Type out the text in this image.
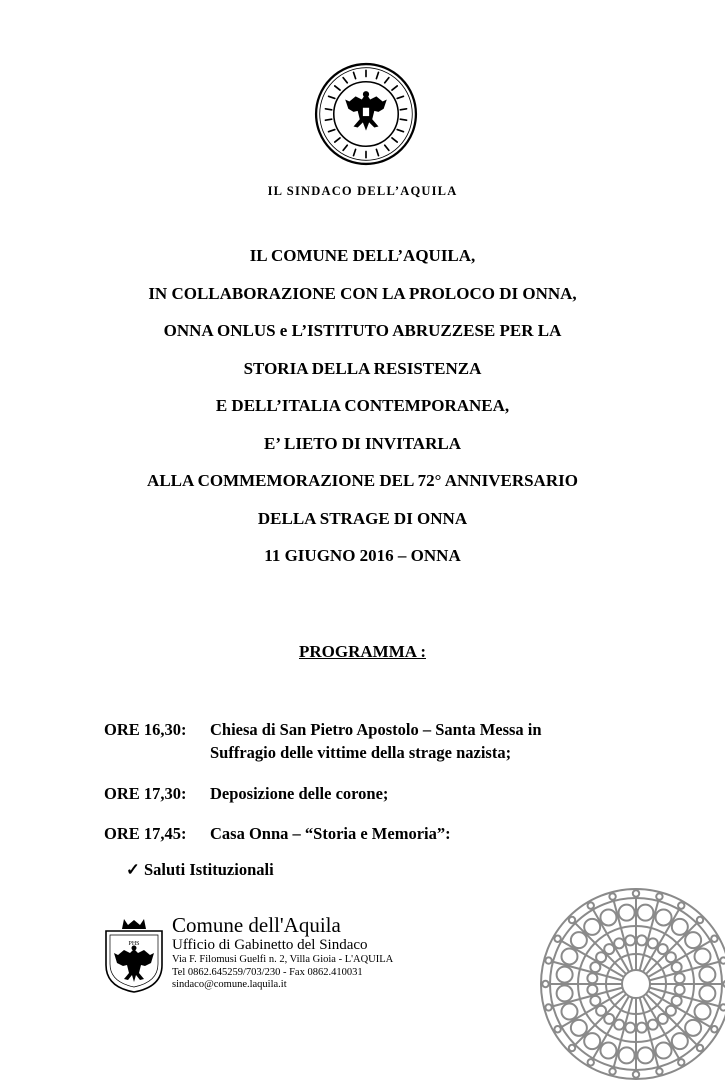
IL SINDACO DELL’AQUILA
IL COMUNE DELL’AQUILA,
IN COLLABORAZIONE CON LA PROLOCO DI ONNA,
ONNA ONLUS e L’ISTITUTO ABRUZZESE PER LA
STORIA DELLA RESISTENZA
E DELL’ITALIA CONTEMPORANEA,
E’ LIETO DI INVITARLA
ALLA COMMEMORAZIONE DEL 72° ANNIVERSARIO
DELLA STRAGE DI ONNA
11 GIUGNO 2016 – ONNA
PROGRAMMA :
ORE 16,30: Chiesa di San Pietro Apostolo – Santa Messa in
Suffragio delle vittime della strage nazista;
ORE 17,30: Deposizione delle corone;
ORE 17,45: Casa Onna – “Storia e Memoria”:
✓ Saluti Istituzionali
PHS
Comune dell'Aquila
Ufficio di Gabinetto del Sindaco
Via F. Filomusi Guelfi n. 2, Villa Gioia - L'AQUILA
Tel 0862.645259/703/230 - Fax 0862.410031
sindaco@comune.laquila.it
